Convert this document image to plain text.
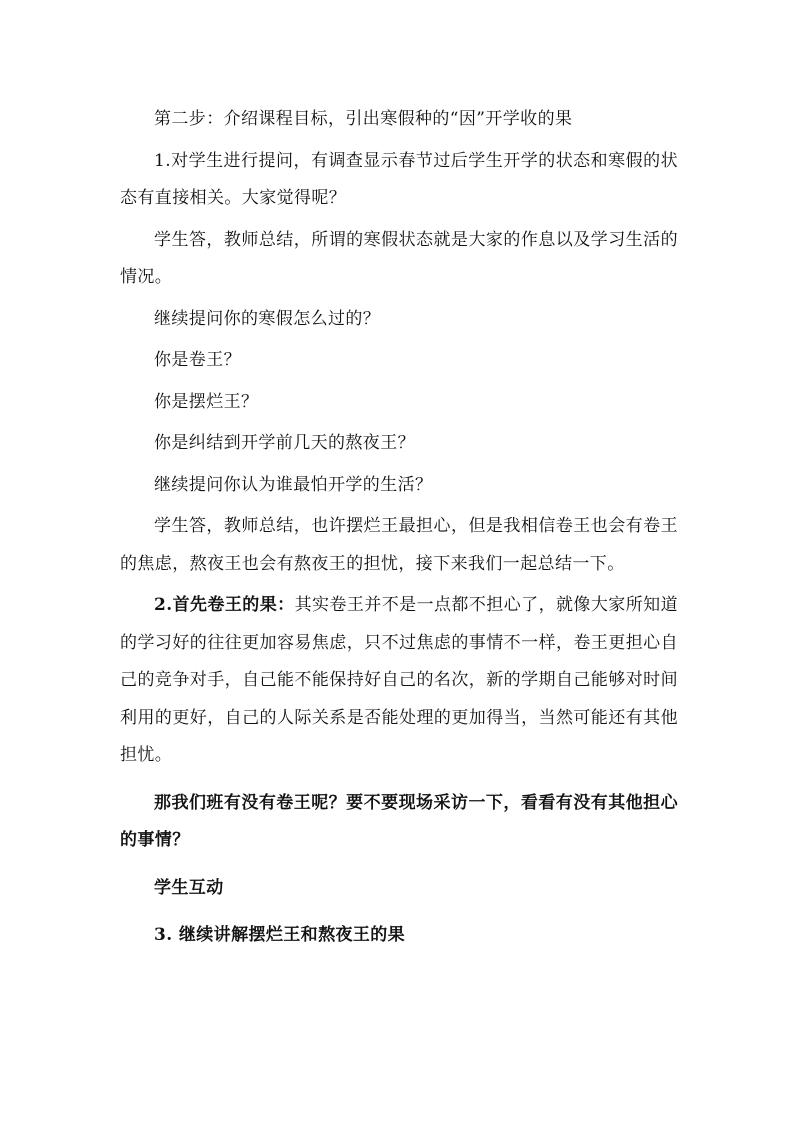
第二步：介绍课程目标，引出寒假种的“因”开学收的果

1.对学生进行提问，有调查显示春节过后学生开学的状态和寒假的状态有直接相关。大家觉得呢？

学生答，教师总结，所谓的寒假状态就是大家的作息以及学习生活的情况。

继续提问你的寒假怎么过的？

你是卷王？

你是摆烂王？

你是纠结到开学前几天的熬夜王？

继续提问你认为谁最怕开学的生活？

学生答，教师总结，也许摆烂王最担心，但是我相信卷王也会有卷王的焦虑，熬夜王也会有熬夜王的担忧，接下来我们一起总结一下。

2.首先卷王的果：其实卷王并不是一点都不担心了，就像大家所知道的学习好的往往更加容易焦虑，只不过焦虑的事情不一样，卷王更担心自己的竞争对手，自己能不能保持好自己的名次，新的学期自己能够对时间利用的更好，自己的人际关系是否能处理的更加得当，当然可能还有其他担忧。

那我们班有没有卷王呢？要不要现场采访一下，看看有没有其他担心的事情？

学生互动

3. 继续讲解摆烂王和熬夜王的果
